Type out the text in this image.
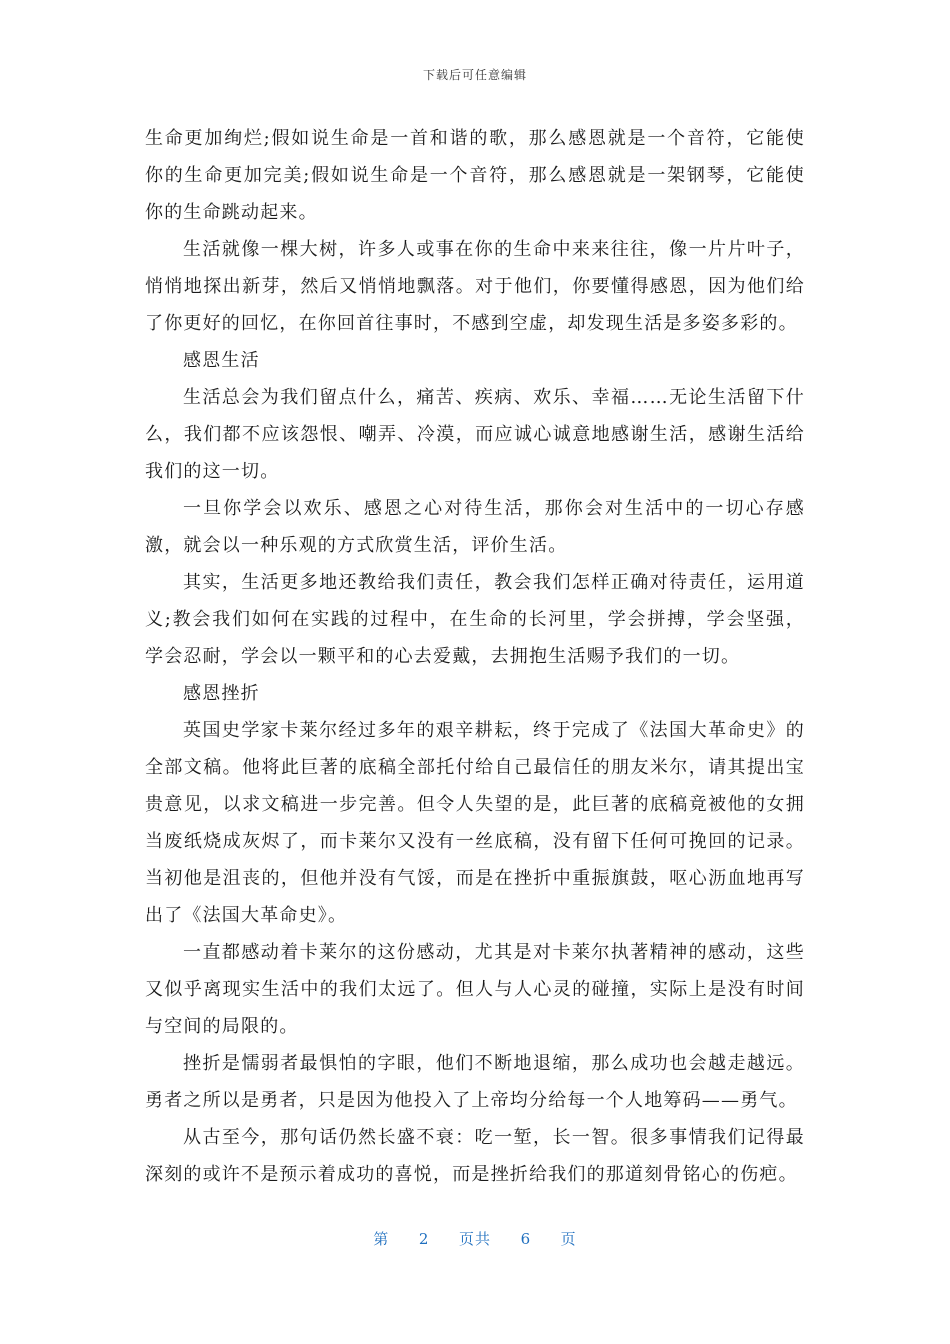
下载后可任意编辑

生命更加绚烂;假如说生命是一首和谐的歌，那么感恩就是一个音符，它能使你的生命更加完美;假如说生命是一个音符，那么感恩就是一架钢琴，它能使你的生命跳动起来。

生活就像一棵大树，许多人或事在你的生命中来来往往，像一片片叶子，悄悄地探出新芽，然后又悄悄地飘落。对于他们，你要懂得感恩，因为他们给了你更好的回忆，在你回首往事时，不感到空虚，却发现生活是多姿多彩的。

感恩生活

生活总会为我们留点什么，痛苦、疾病、欢乐、幸福……无论生活留下什么，我们都不应该怨恨、嘲弄、冷漠，而应诚心诚意地感谢生活，感谢生活给我们的这一切。

一旦你学会以欢乐、感恩之心对待生活，那你会对生活中的一切心存感激，就会以一种乐观的方式欣赏生活，评价生活。

其实，生活更多地还教给我们责任，教会我们怎样正确对待责任，运用道义;教会我们如何在实践的过程中，在生命的长河里，学会拼搏，学会坚强，学会忍耐，学会以一颗平和的心去爱戴，去拥抱生活赐予我们的一切。

感恩挫折

英国史学家卡莱尔经过多年的艰辛耕耘，终于完成了《法国大革命史》的全部文稿。他将此巨著的底稿全部托付给自己最信任的朋友米尔，请其提出宝贵意见，以求文稿进一步完善。但令人失望的是，此巨著的底稿竟被他的女拥当废纸烧成灰烬了，而卡莱尔又没有一丝底稿，没有留下任何可挽回的记录。当初他是沮丧的，但他并没有气馁，而是在挫折中重振旗鼓，呕心沥血地再写出了《法国大革命史》。

一直都感动着卡莱尔的这份感动，尤其是对卡莱尔执著精神的感动，这些又似乎离现实生活中的我们太远了。但人与人心灵的碰撞，实际上是没有时间与空间的局限的。

挫折是懦弱者最惧怕的字眼，他们不断地退缩，那么成功也会越走越远。勇者之所以是勇者，只是因为他投入了上帝均分给每一个人地筹码——勇气。

从古至今，那句话仍然长盛不衰：吃一堑，长一智。很多事情我们记得最深刻的或许不是预示着成功的喜悦，而是挫折给我们的那道刻骨铭心的伤疤。

第 2 页共 6 页
